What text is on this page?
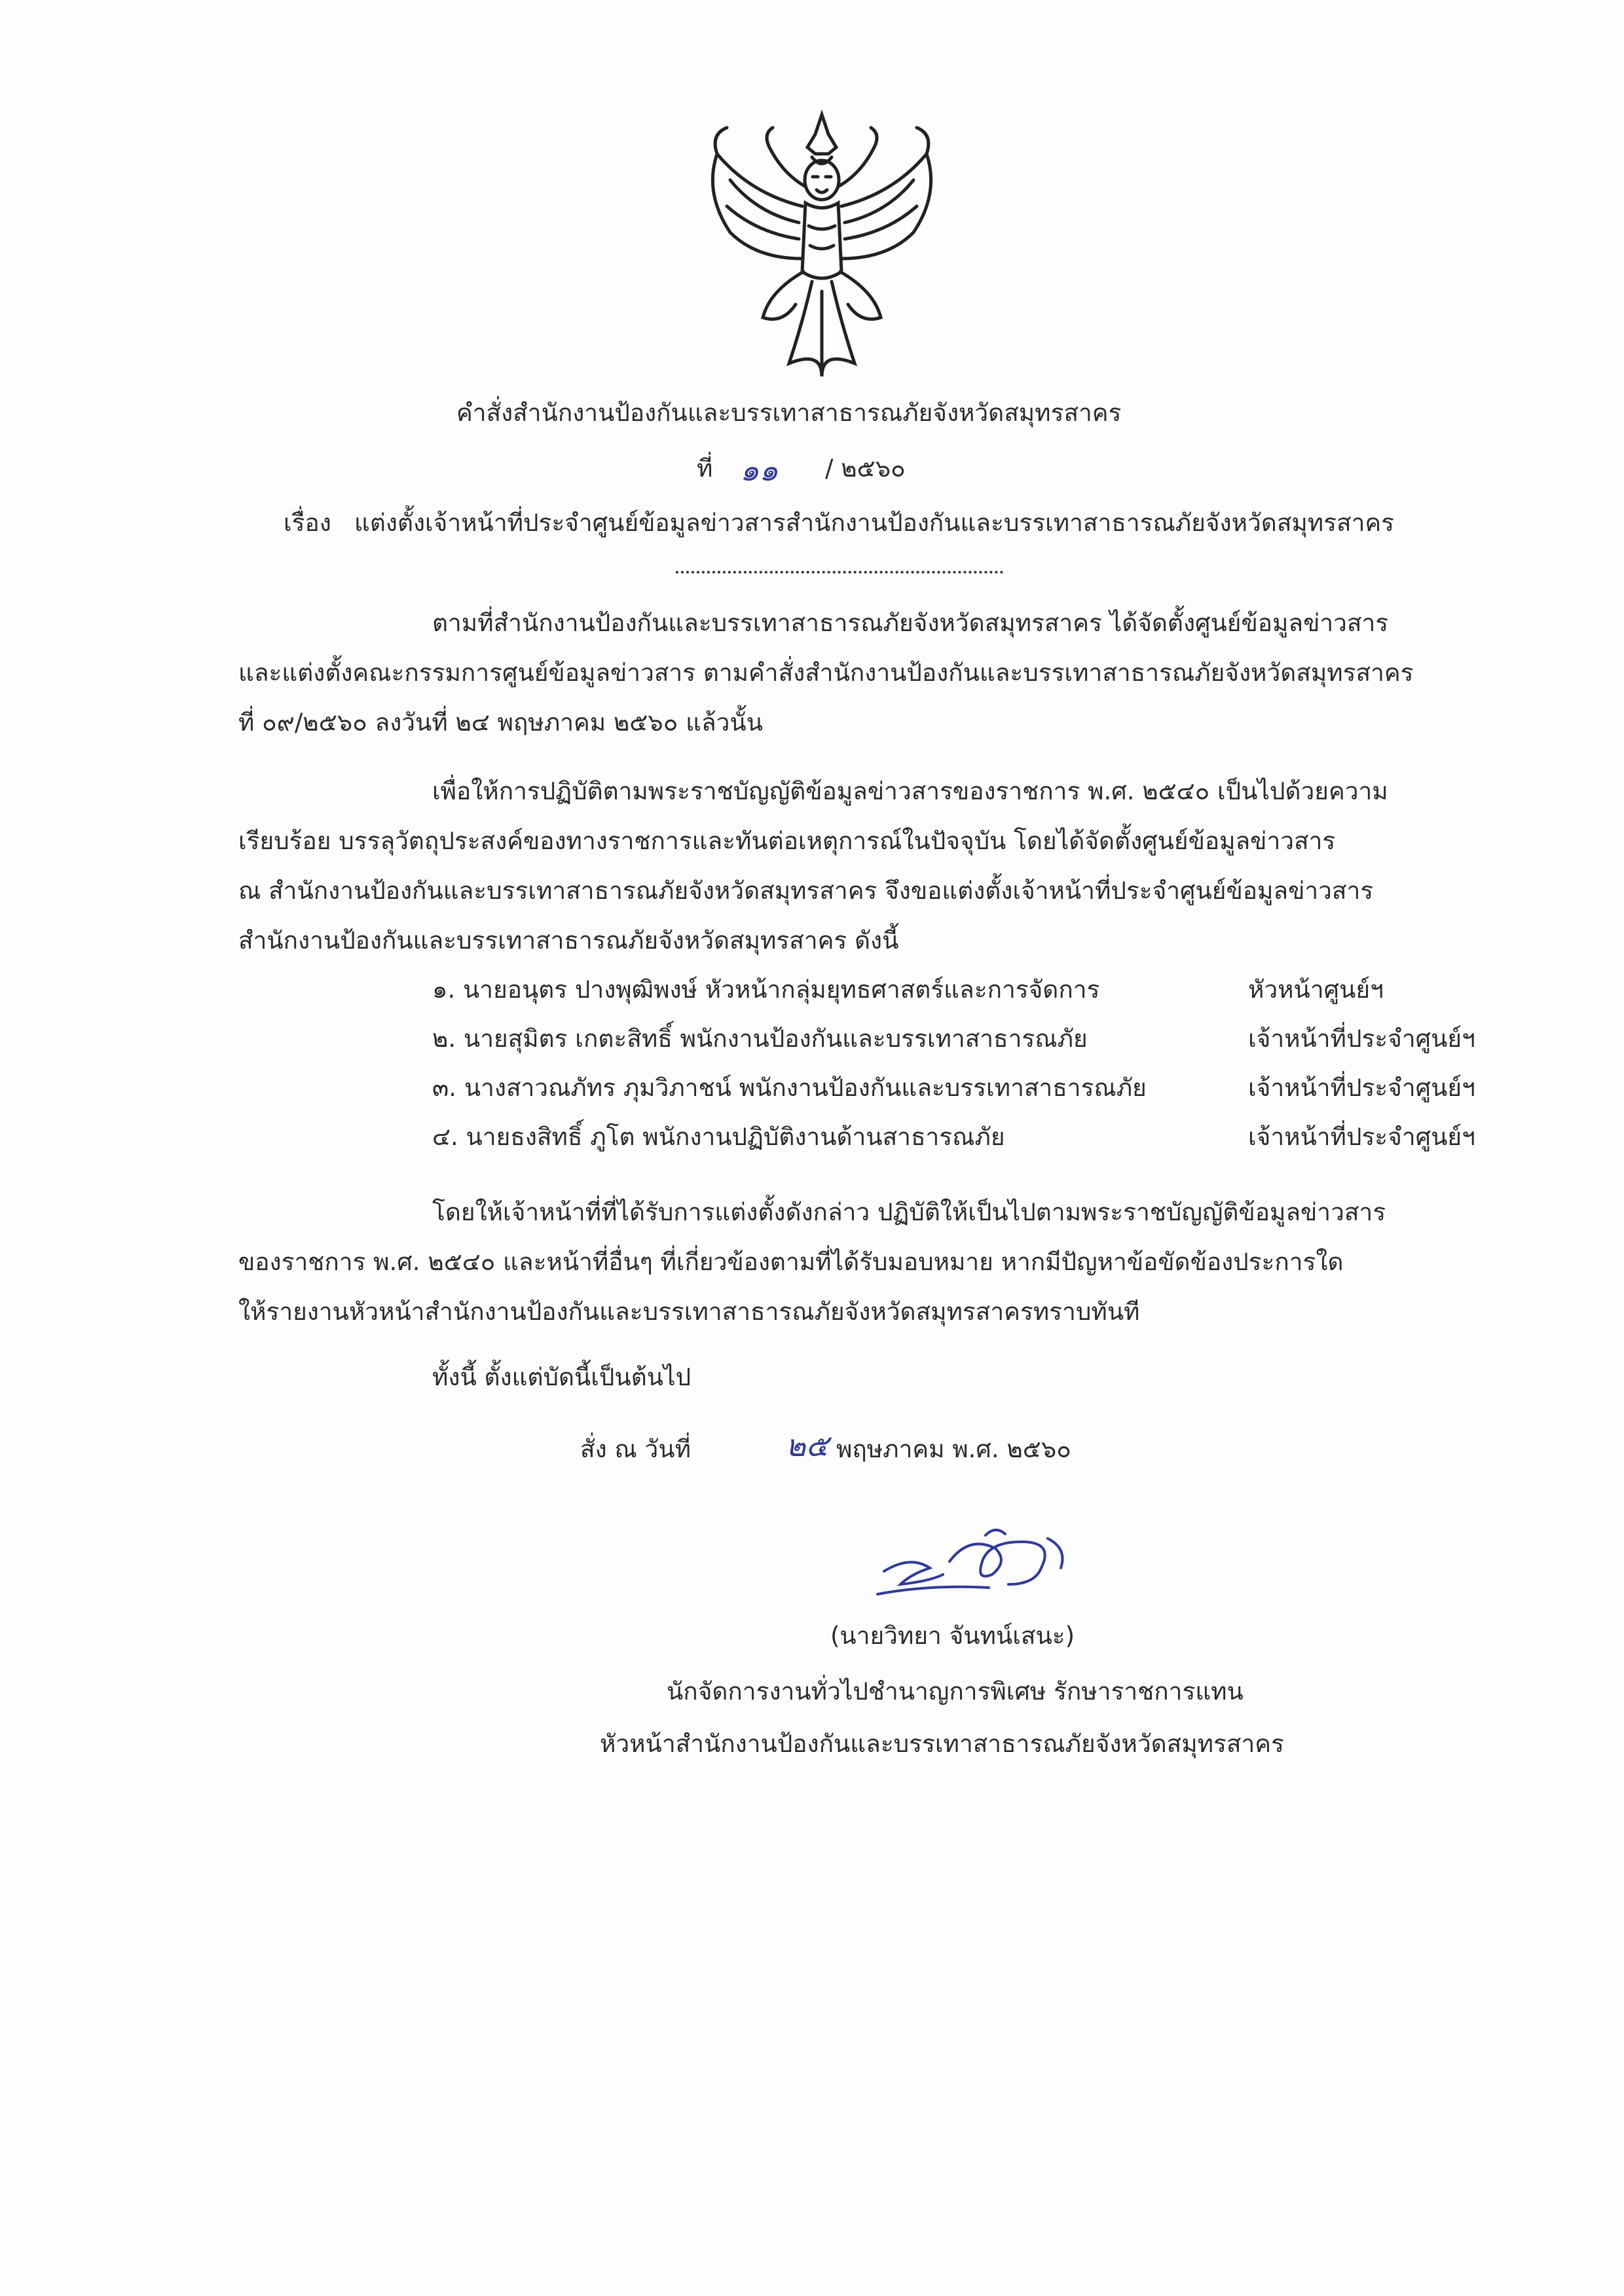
คำสั่งสำนักงานป้องกันและบรรเทาสาธารณภัยจังหวัดสมุทรสาคร
ที่ ๑๑ / ๒๕๖๐
เรื่อง แต่งตั้งเจ้าหน้าที่ประจำศูนย์ข้อมูลข่าวสารสำนักงานป้องกันและบรรเทาสาธารณภัยจังหวัดสมุทรสาคร
ตามที่สำนักงานป้องกันและบรรเทาสาธารณภัยจังหวัดสมุทรสาคร ได้จัดตั้งศูนย์ข้อมูลข่าวสาร
และแต่งตั้งคณะกรรมการศูนย์ข้อมูลข่าวสาร ตามคำสั่งสำนักงานป้องกันและบรรเทาสาธารณภัยจังหวัดสมุทรสาคร
ที่ ๐๙/๒๕๖๐ ลงวันที่ ๒๔ พฤษภาคม ๒๕๖๐ แล้วนั้น
เพื่อให้การปฏิบัติตามพระราชบัญญัติข้อมูลข่าวสารของราชการ พ.ศ. ๒๕๔๐ เป็นไปด้วยความ
เรียบร้อย บรรลุวัตถุประสงค์ของทางราชการและทันต่อเหตุการณ์ในปัจจุบัน โดยได้จัดตั้งศูนย์ข้อมูลข่าวสาร
ณ สำนักงานป้องกันและบรรเทาสาธารณภัยจังหวัดสมุทรสาคร จึงขอแต่งตั้งเจ้าหน้าที่ประจำศูนย์ข้อมูลข่าวสาร
สำนักงานป้องกันและบรรเทาสาธารณภัยจังหวัดสมุทรสาคร ดังนี้
๑. นายอนุตร ปางพุฒิพงษ์ หัวหน้ากลุ่มยุทธศาสตร์และการจัดการ	หัวหน้าศูนย์ฯ
๒. นายสุมิตร เกตะสิทธิ์ พนักงานป้องกันและบรรเทาสาธารณภัย	เจ้าหน้าที่ประจำศูนย์ฯ
๓. นางสาวณภัทร ภุมวิภาชน์ พนักงานป้องกันและบรรเทาสาธารณภัย	เจ้าหน้าที่ประจำศูนย์ฯ
๔. นายธงสิทธิ์ ภูโต พนักงานปฏิบัติงานด้านสาธารณภัย	เจ้าหน้าที่ประจำศูนย์ฯ
โดยให้เจ้าหน้าที่ที่ได้รับการแต่งตั้งดังกล่าว ปฏิบัติให้เป็นไปตามพระราชบัญญัติข้อมูลข่าวสาร
ของราชการ พ.ศ. ๒๕๔๐ และหน้าที่อื่นๆ ที่เกี่ยวข้องตามที่ได้รับมอบหมาย หากมีปัญหาข้อขัดข้องประการใด
ให้รายงานหัวหน้าสำนักงานป้องกันและบรรเทาสาธารณภัยจังหวัดสมุทรสาครทราบทันที
ทั้งนี้ ตั้งแต่บัดนี้เป็นต้นไป
สั่ง ณ วันที่	๒๕ พฤษภาคม พ.ศ. ๒๕๖๐
(นายวิทยา จันทน์เสนะ)
นักจัดการงานทั่วไปชำนาญการพิเศษ รักษาราชการแทน
หัวหน้าสำนักงานป้องกันและบรรเทาสาธารณภัยจังหวัดสมุทรสาคร
